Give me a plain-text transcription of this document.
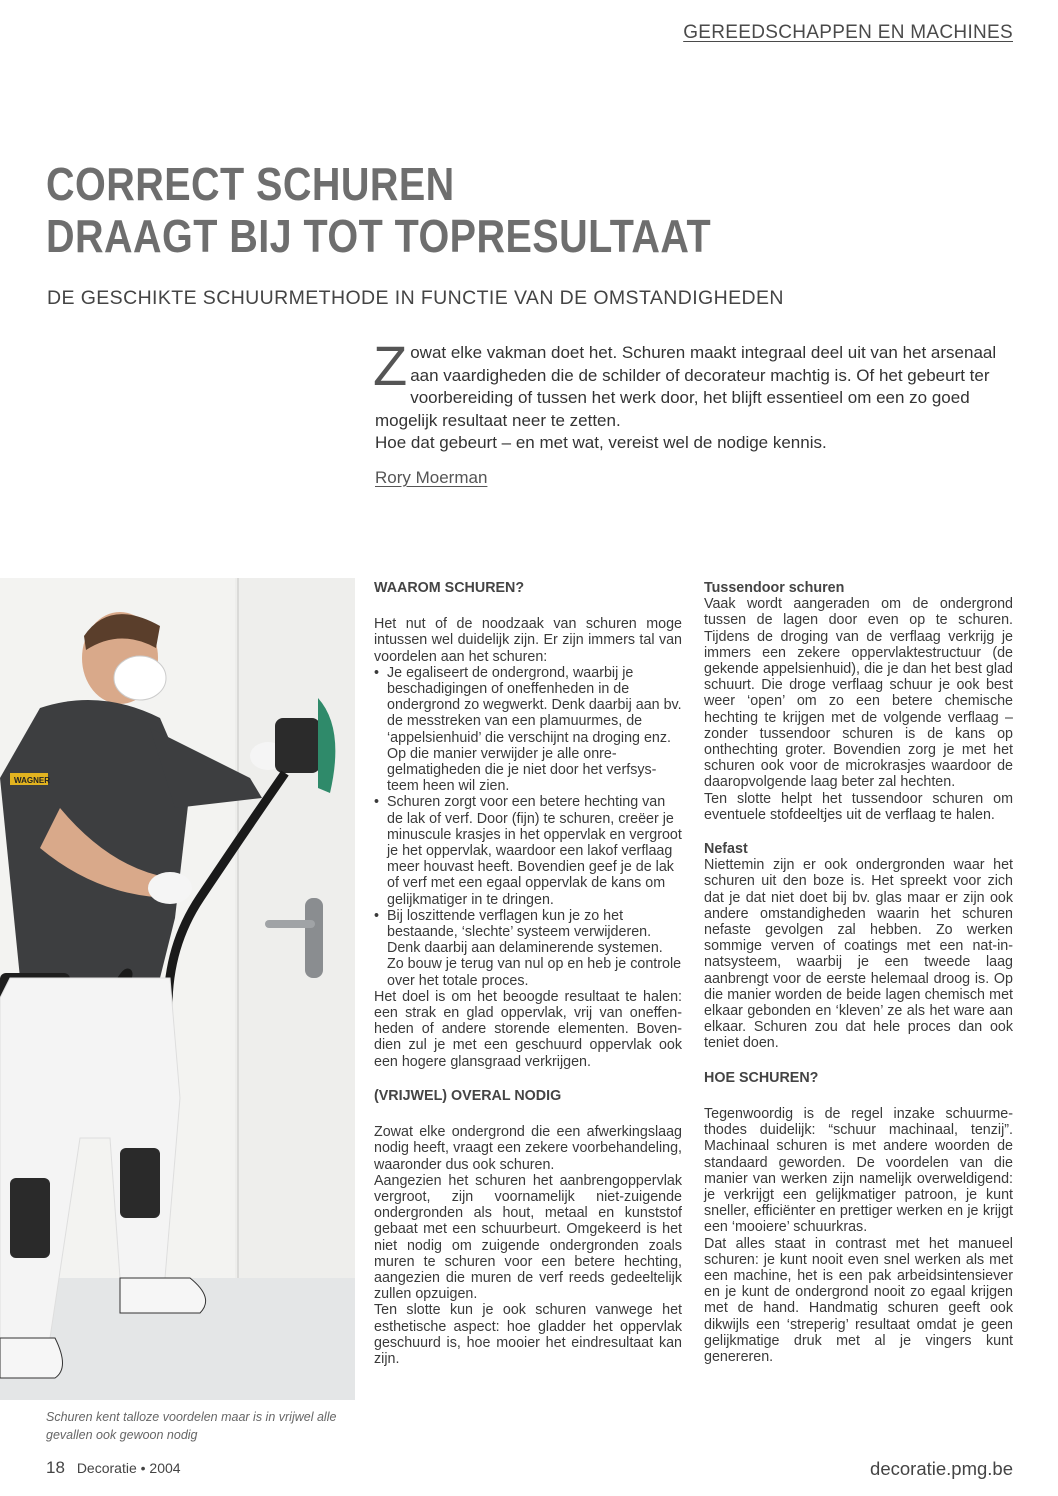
GEREEDSCHAPPEN EN MACHINES
CORRECT SCHUREN
DRAAGT BIJ TOT TOPRESULTAAT
DE GESCHIKTE SCHUURMETHODE IN FUNCTIE VAN DE OMSTANDIGHEDEN

Zowat elke vakman doet het. Schuren maakt integraal deel uit van het arsenaal aan vaardigheden die de schilder of decorateur machtig is. Of het gebeurt ter voorbereiding of tussen het werk door, het blijft essentieel om een zo goed mogelijk resultaat neer te zetten.

Hoe dat gebeurt – en met wat, vereist wel de nodige kennis.

Rory Moerman
WAGNER
Schuren kent talloze voordelen maar is in vrijwel alle gevallen ook gewoon nodig
WAAROM SCHUREN?

Het nut of de noodzaak van schuren moge intussen wel duidelijk zijn. Er zijn immers tal van voordelen aan het schuren:

• Je egaliseert de ondergrond, waarbij je beschadigingen of oneffenheden in de ondergrond zo wegwerkt. Denk daarbij aan bv. de messtreken van een plamuurmes, de ‘appelsienhuid’ die verschijnt na droging enz. Op die manier verwijder je alle onregelmatigheden die je niet door het verfsysteem heen wil zien.
• Schuren zorgt voor een betere hechting van de lak of verf. Door (fijn) te schuren, creëer je minuscule krasjes in het oppervlak en vergroot je het oppervlak, waardoor een lakof verflaag meer houvast heeft. Bovendien geef je de lak of verf met een egaal oppervlak de kans om gelijkmatiger in te dringen.
• Bij loszittende verflagen kun je zo het bestaande, ‘slechte’ systeem verwijderen. Denk daarbij aan delaminerende systemen. Zo bouw je terug van nul op en heb je controle over het totale proces.

Het doel is om het beoogde resultaat te halen: een strak en glad oppervlak, vrij van oneffenheden of andere storende elementen. Bovendien zul je met een geschuurd oppervlak ook een hogere glansgraad verkrijgen.

(VRIJWEL) OVERAL NODIG

Zowat elke ondergrond die een afwerkingslaag nodig heeft, vraagt een zekere voorbehandeling, waaronder dus ook schuren.

Aangezien het schuren het aanbrengoppervlak vergroot, zijn voornamelijk niet-zuigende ondergronden als hout, metaal en kunststof gebaat met een schuurbeurt. Omgekeerd is het niet nodig om zuigende ondergronden zoals muren te schuren voor een betere hechting, aangezien die muren de verf reeds gedeeltelijk zullen opzuigen.

Ten slotte kun je ook schuren vanwege het esthetische aspect: hoe gladder het oppervlak geschuurd is, hoe mooier het eindresultaat kan zijn.

Tussendoor schuren

Vaak wordt aangeraden om de ondergrond tussen de lagen door even op te schuren. Tijdens de droging van de verflaag verkrijg je immers een zekere oppervlaktestructuur (de gekende appelsienhuid), die je dan het best glad schuurt. Die droge verflaag schuur je ook best weer ‘open’ om zo een betere chemische hechting te krijgen met de volgende verflaag – zonder tussendoor schuren is de kans op onthechting groter. Bovendien zorg je met het schuren ook voor de microkrasjes waardoor de daaropvolgende laag beter zal hechten.

Ten slotte helpt het tussendoor schuren om eventuele stofdeeltjes uit de verflaag te halen.

Nefast

Niettemin zijn er ook ondergronden waar het schuren uit den boze is. Het spreekt voor zich dat je dat niet doet bij bv. glas maar er zijn ook andere omstandigheden waarin het schuren nefaste gevolgen zal hebben. Zo werken sommige verven of coatings met een nat-in-natsysteem, waarbij je een tweede laag aanbrengt voor de eerste helemaal droog is. Op die manier worden de beide lagen chemisch met elkaar gebonden en ‘kleven’ ze als het ware aan elkaar. Schuren zou dat hele proces dan ook teniet doen.

HOE SCHUREN?

Tegenwoordig is de regel inzake schuurmethodes duidelijk: “schuur machinaal, tenzij”. Machinaal schuren is met andere woorden de standaard geworden. De voordelen van die manier van werken zijn namelijk overweldigend: je verkrijgt een gelijkmatiger patroon, je kunt sneller, efficiënter en prettiger werken en je krijgt een ‘mooiere’ schuurkras.

Dat alles staat in contrast met het manueel schuren: je kunt nooit even snel werken als met een machine, het is een pak arbeidsintensiever en je kunt de ondergrond nooit zo egaal krijgen met de hand. Handmatig schuren geeft ook dikwijls een ‘streperig’ resultaat omdat je geen gelijkmatige druk met al je vingers kunt genereren.

18 Decoratie • 2004	decoratie.pmg.be
